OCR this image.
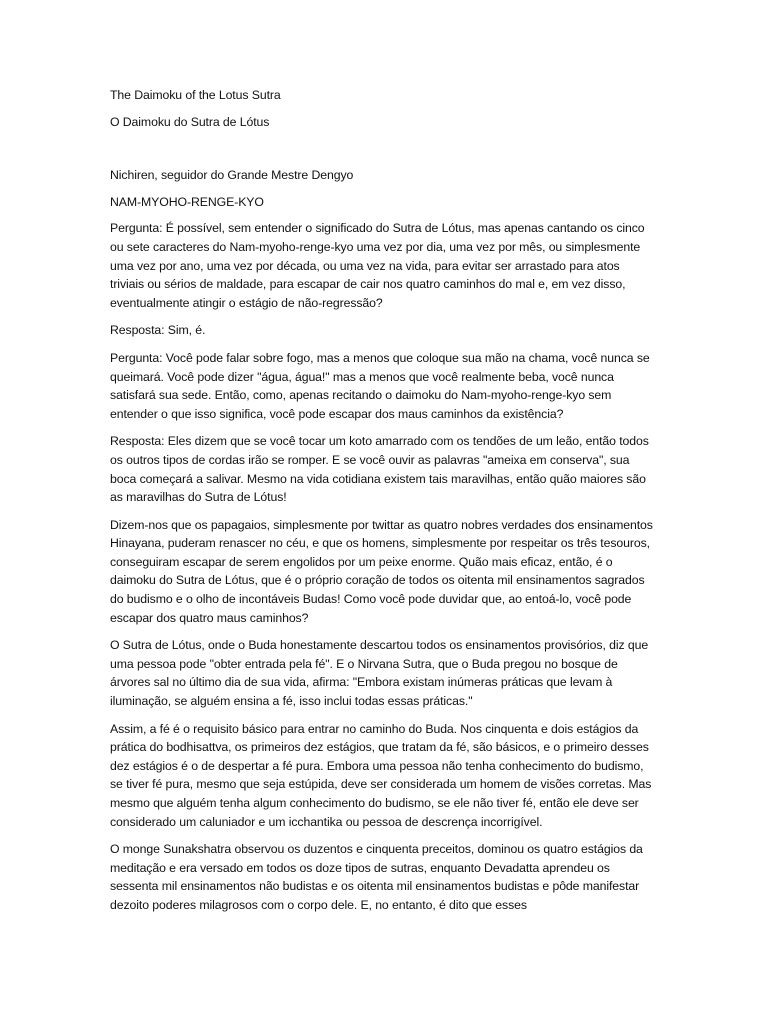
The Daimoku of the Lotus Sutra

O Daimoku do Sutra de Lótus

Nichiren, seguidor do Grande Mestre Dengyo

NAM-MYOHO-RENGE-KYO

Pergunta: É possível, sem entender o significado do Sutra de Lótus, mas apenas cantando os cinco ou sete caracteres do Nam-myoho-renge-kyo uma vez por dia, uma vez por mês, ou simplesmente uma vez por ano, uma vez por década, ou uma vez na vida, para evitar ser arrastado para atos triviais ou sérios de maldade, para escapar de cair nos quatro caminhos do mal e, em vez disso, eventualmente atingir o estágio de não-regressão?

Resposta: Sim, é.

Pergunta: Você pode falar sobre fogo, mas a menos que coloque sua mão na chama, você nunca se queimará. Você pode dizer "água, água!" mas a menos que você realmente beba, você nunca satisfará sua sede. Então, como, apenas recitando o daimoku do Nam-myoho-renge-kyo sem entender o que isso significa, você pode escapar dos maus caminhos da existência?

Resposta: Eles dizem que se você tocar um koto amarrado com os tendões de um leão, então todos os outros tipos de cordas irão se romper. E se você ouvir as palavras "ameixa em conserva", sua boca começará a salivar. Mesmo na vida cotidiana existem tais maravilhas, então quão maiores são as maravilhas do Sutra de Lótus!

Dizem-nos que os papagaios, simplesmente por twittar as quatro nobres verdades dos ensinamentos Hinayana, puderam renascer no céu, e que os homens, simplesmente por respeitar os três tesouros, conseguiram escapar de serem engolidos por um peixe enorme. Quão mais eficaz, então, é o daimoku do Sutra de Lótus, que é o próprio coração de todos os oitenta mil ensinamentos sagrados do budismo e o olho de incontáveis Budas! Como você pode duvidar que, ao entoá-lo, você pode escapar dos quatro maus caminhos?

O Sutra de Lótus, onde o Buda honestamente descartou todos os ensinamentos provisórios, diz que uma pessoa pode "obter entrada pela fé". E o Nirvana Sutra, que o Buda pregou no bosque de árvores sal no último dia de sua vida, afirma: "Embora existam inúmeras práticas que levam à iluminação, se alguém ensina a fé, isso inclui todas essas práticas."

Assim, a fé é o requisito básico para entrar no caminho do Buda. Nos cinquenta e dois estágios da prática do bodhisattva, os primeiros dez estágios, que tratam da fé, são básicos, e o primeiro desses dez estágios é o de despertar a fé pura. Embora uma pessoa não tenha conhecimento do budismo, se tiver fé pura, mesmo que seja estúpida, deve ser considerada um homem de visões corretas. Mas mesmo que alguém tenha algum conhecimento do budismo, se ele não tiver fé, então ele deve ser considerado um caluniador e um icchantika ou pessoa de descrença incorrigível.

O monge Sunakshatra observou os duzentos e cinquenta preceitos, dominou os quatro estágios da meditação e era versado em todos os doze tipos de sutras, enquanto Devadatta aprendeu os sessenta mil ensinamentos não budistas e os oitenta mil ensinamentos budistas e pôde manifestar dezoito poderes milagrosos com o corpo dele. E, no entanto, é dito que esses
